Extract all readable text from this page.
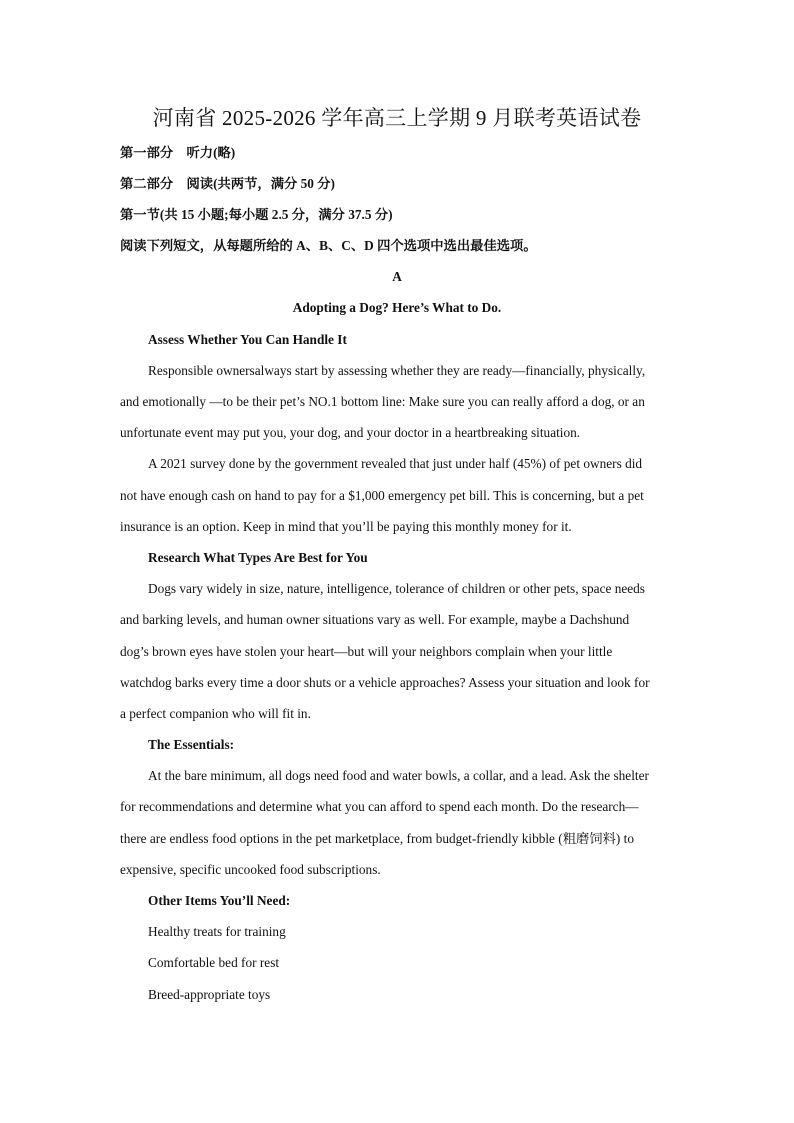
河南省 2025-2026 学年高三上学期 9 月联考英语试卷
第一部分　听力(略)
第二部分　阅读(共两节，满分 50 分)
第一节(共 15 小题;每小题 2.5 分，满分 37.5 分)
阅读下列短文，从每题所给的 A、B、C、D 四个选项中选出最佳选项。
A
Adopting a Dog? Here’s What to Do.
Assess Whether You Can Handle It
Responsible ownersalways start by assessing whether they are ready—financially, physically,
and emotionally —to be their pet’s NO.1 bottom line: Make sure you can really afford a dog, or an
unfortunate event may put you, your dog, and your doctor in a heartbreaking situation.
A 2021 survey done by the government revealed that just under half (45%) of pet owners did
not have enough cash on hand to pay for a $1,000 emergency pet bill. This is concerning, but a pet
insurance is an option. Keep in mind that you’ll be paying this monthly money for it.
Research What Types Are Best for You
Dogs vary widely in size, nature, intelligence, tolerance of children or other pets, space needs
and barking levels, and human owner situations vary as well. For example, maybe a Dachshund
dog’s brown eyes have stolen your heart—but will your neighbors complain when your little
watchdog barks every time a door shuts or a vehicle approaches? Assess your situation and look for
a perfect companion who will fit in.
The Essentials:
At the bare minimum, all dogs need food and water bowls, a collar, and a lead. Ask the shelter
for recommendations and determine what you can afford to spend each month. Do the research—
there are endless food options in the pet marketplace, from budget-friendly kibble (粗磨饲料) to
expensive, specific uncooked food subscriptions.
Other Items You’ll Need:
Healthy treats for training
Comfortable bed for rest
Breed-appropriate toys
